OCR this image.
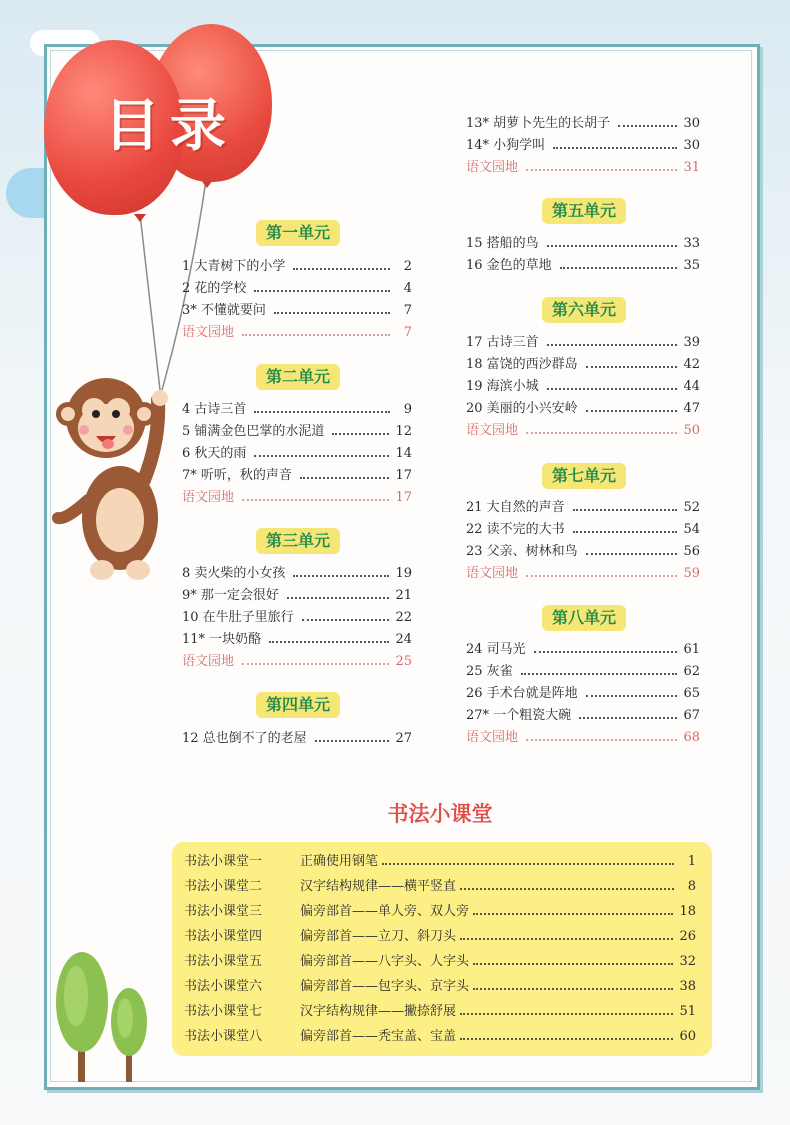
目录
第一单元
第二单元
第三单元
第四单元
第五单元
第六单元
第七单元
第八单元
1 大青树下的小学	2
2 花的学校	4
3* 不懂就要问	7
语文园地	7
4 古诗三首	9
5 铺满金色巴掌的水泥道	12
6 秋天的雨	14
7* 听听，秋的声音	17
语文园地	17
8 卖火柴的小女孩	19
9* 那一定会很好	21
10 在牛肚子里旅行	22
11* 一块奶酪	24
语文园地	25
12 总也倒不了的老屋	27
13* 胡萝卜先生的长胡子	30
14* 小狗学叫	30
语文园地	31
15 搭船的鸟	33
16 金色的草地	35
17 古诗三首	39
18 富饶的西沙群岛	42
19 海滨小城	44
20 美丽的小兴安岭	47
语文园地	50
21 大自然的声音	52
22 读不完的大书	54
23 父亲、树林和鸟	56
语文园地	59
24 司马光	61
25 灰雀	62
26 手术台就是阵地	65
27* 一个粗瓷大碗	67
语文园地	68
书法小课堂
书法小课堂一	正确使用钢笔	1
书法小课堂二	汉字结构规律——横平竖直	8
书法小课堂三	偏旁部首——单人旁、双人旁	18
书法小课堂四	偏旁部首——立刀、斜刀头	26
书法小课堂五	偏旁部首——八字头、人字头	32
书法小课堂六	偏旁部首——包字头、京字头	38
书法小课堂七	汉字结构规律——撇捺舒展	51
书法小课堂八	偏旁部首——秃宝盖、宝盖	60
